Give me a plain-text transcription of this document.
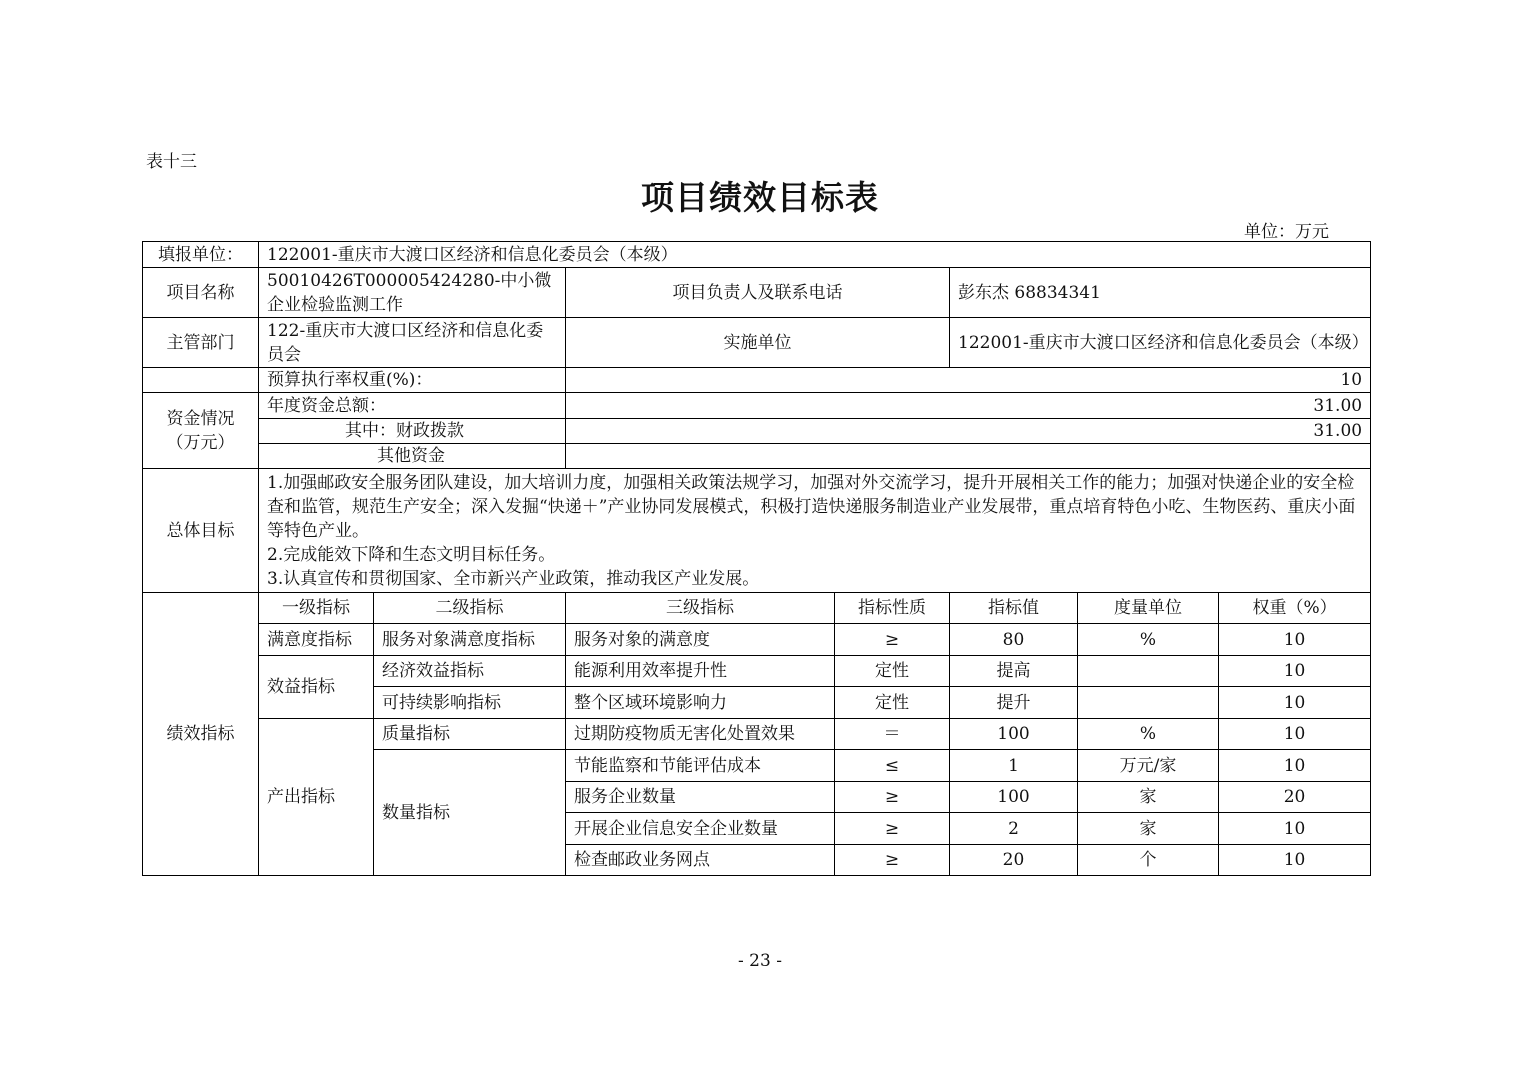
表十三
项目绩效目标表
单位：万元
填报单位：	122001-重庆市大渡口区经济和信息化委员会（本级）						
项目名称	50010426T000005424280-中小微企业检验监测工作		项目负责人及联系电话		彭东杰 68834341		
主管部门	122-重庆市大渡口区经济和信息化委员会		实施单位		122001-重庆市大渡口区经济和信息化委员会（本级）		
	预算执行率权重(%)：		10				
资金情况（万元）	年度资金总额：		31.00				
	其中：财政拨款		31.00				
	其他资金						
总体目标	1.加强邮政安全服务团队建设，加大培训力度，加强相关政策法规学习，加强对外交流学习，提升开展相关工作的能力；加强对快递企业的安全检查和监管，规范生产安全；深入发掘“快递＋”产业协同发展模式，积极打造快递服务制造业产业发展带，重点培育特色小吃、生物医药、重庆小面等特色产业。
2.完成能效下降和生态文明目标任务。
3.认真宣传和贯彻国家、全市新兴产业政策，推动我区产业发展。						

绩效指标	一级指标	二级指标	三级指标	指标性质	指标值	度量单位	权重（%）
	满意度指标	服务对象满意度指标	服务对象的满意度	≥	80	%	10
	效益指标	经济效益指标	能源利用效率提升性	定性	提高		10
		可持续影响指标	整个区域环境影响力	定性	提升		10
	产出指标	质量指标	过期防疫物质无害化处置效果	＝	100	%	10
		数量指标	节能监察和节能评估成本	≤	1	万元/家	10
			服务企业数量	≥	100	家	20
			开展企业信息安全企业数量	≥	2	家	10
			检查邮政业务网点	≥	20	个	10
- 23 -
